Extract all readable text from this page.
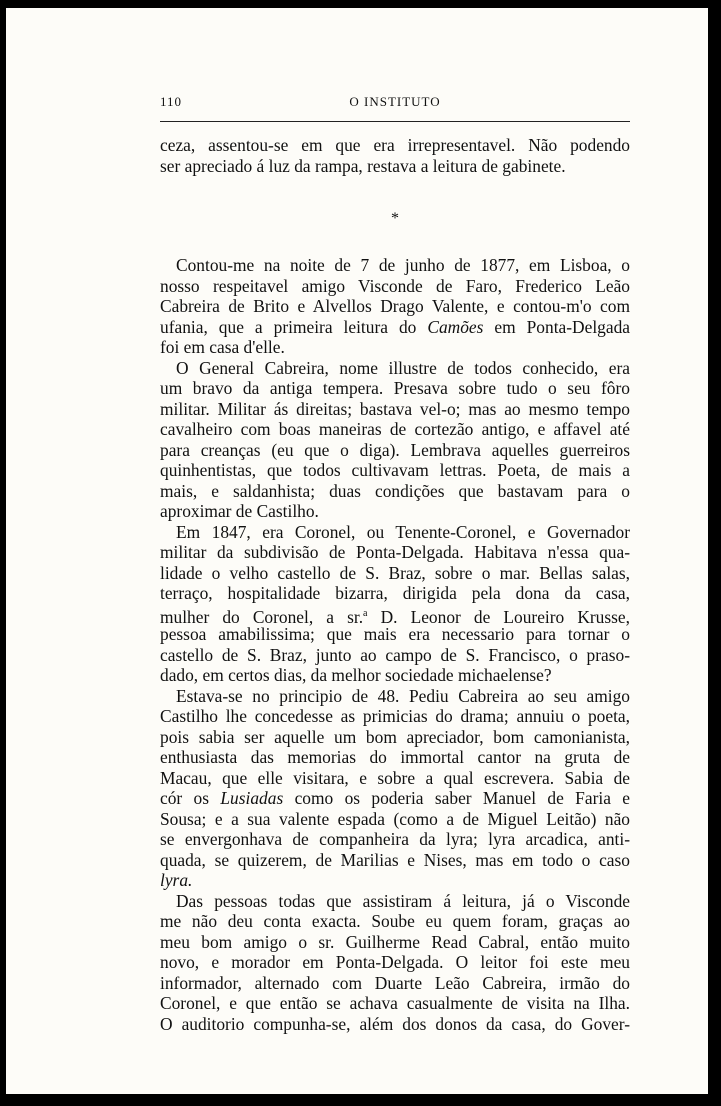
110	O INSTITUTO
ceza, assentou-se em que era irrepresentavel. Não podendo
ser apreciado á luz da rampa, restava a leitura de gabinete.
*
Contou-me na noite de 7 de junho de 1877, em Lisboa, o
nosso respeitavel amigo Visconde de Faro, Frederico Leão
Cabreira de Brito e Alvellos Drago Valente, e contou-m'o com
ufania, que a primeira leitura do Camões em Ponta-Delgada
foi em casa d'elle.
O General Cabreira, nome illustre de todos conhecido, era
um bravo da antiga tempera. Presava sobre tudo o seu fôro
militar. Militar ás direitas; bastava vel-o; mas ao mesmo tempo
cavalheiro com boas maneiras de cortezão antigo, e affavel até
para creanças (eu que o diga). Lembrava aquelles guerreiros
quinhentistas, que todos cultivavam lettras. Poeta, de mais a
mais, e saldanhista; duas condições que bastavam para o
aproximar de Castilho.
Em 1847, era Coronel, ou Tenente-Coronel, e Governador
militar da subdivisão de Ponta-Delgada. Habitava n'essa qua-
lidade o velho castello de S. Braz, sobre o mar. Bellas salas,
terraço, hospitalidade bizarra, dirigida pela dona da casa,
mulher do Coronel, a sr.$^a$ D. Leonor de Loureiro Krusse,
pessoa amabilissima; que mais era necessario para tornar o
castello de S. Braz, junto ao campo de S. Francisco, o praso-
dado, em certos dias, da melhor sociedade michaelense?
Estava-se no principio de 48. Pediu Cabreira ao seu amigo
Castilho lhe concedesse as primicias do drama; annuiu o poeta,
pois sabia ser aquelle um bom apreciador, bom camonianista,
enthusiasta das memorias do immortal cantor na gruta de
Macau, que elle visitara, e sobre a qual escrevera. Sabia de
cór os Lusiadas como os poderia saber Manuel de Faria e
Sousa; e a sua valente espada (como a de Miguel Leitão) não
se envergonhava de companheira da lyra; lyra arcadica, anti-
quada, se quizerem, de Marilias e Nises, mas em todo o caso
lyra.
Das pessoas todas que assistiram á leitura, já o Visconde
me não deu conta exacta. Soube eu quem foram, graças ao
meu bom amigo o sr. Guilherme Read Cabral, então muito
novo, e morador em Ponta-Delgada. O leitor foi este meu
informador, alternado com Duarte Leão Cabreira, irmão do
Coronel, e que então se achava casualmente de visita na Ilha.
O auditorio compunha-se, além dos donos da casa, do Gover-
